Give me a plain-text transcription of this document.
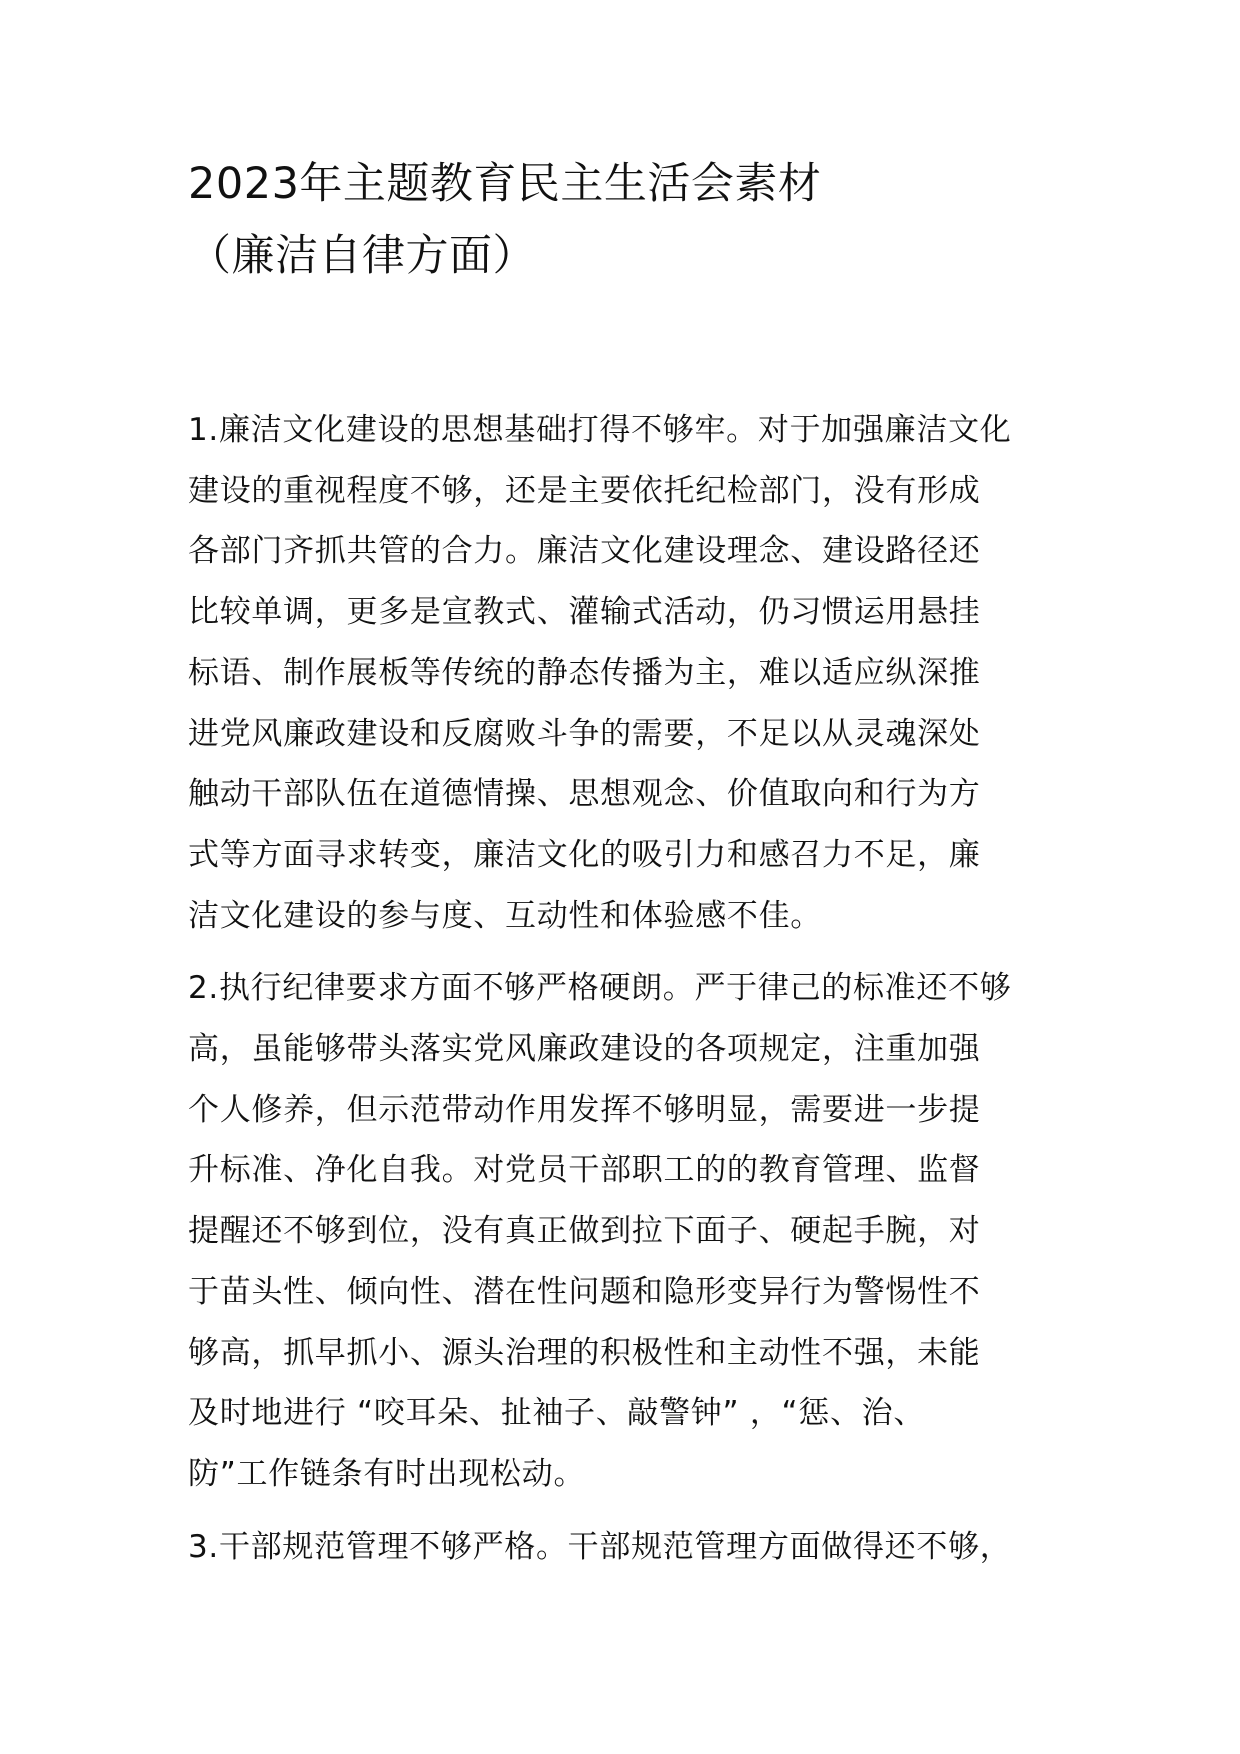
2023年主题教育民主生活会素材
（廉洁自律方面）

1.廉洁文化建设的思想基础打得不够牢。对于加强廉洁文化
建设的重视程度不够，还是主要依托纪检部门，没有形成
各部门齐抓共管的合力。廉洁文化建设理念、建设路径还
比较单调，更多是宣教式、灌输式活动，仍习惯运用悬挂
标语、制作展板等传统的静态传播为主，难以适应纵深推
进党风廉政建设和反腐败斗争的需要，不足以从灵魂深处
触动干部队伍在道德情操、思想观念、价值取向和行为方
式等方面寻求转变，廉洁文化的吸引力和感召力不足，廉
洁文化建设的参与度、互动性和体验感不佳。

2.执行纪律要求方面不够严格硬朗。严于律己的标准还不够
高，虽能够带头落实党风廉政建设的各项规定，注重加强
个人修养，但示范带动作用发挥不够明显，需要进一步提
升标准、净化自我。对党员干部职工的的教育管理、监督
提醒还不够到位，没有真正做到拉下面子、硬起手腕，对
于苗头性、倾向性、潜在性问题和隐形变异行为警惕性不
够高，抓早抓小、源头治理的积极性和主动性不强，未能
及时地进行 “咬耳朵、扯袖子、敲警钟” ，“惩、治、
防”工作链条有时出现松动。

3.干部规范管理不够严格。干部规范管理方面做得还不够，
